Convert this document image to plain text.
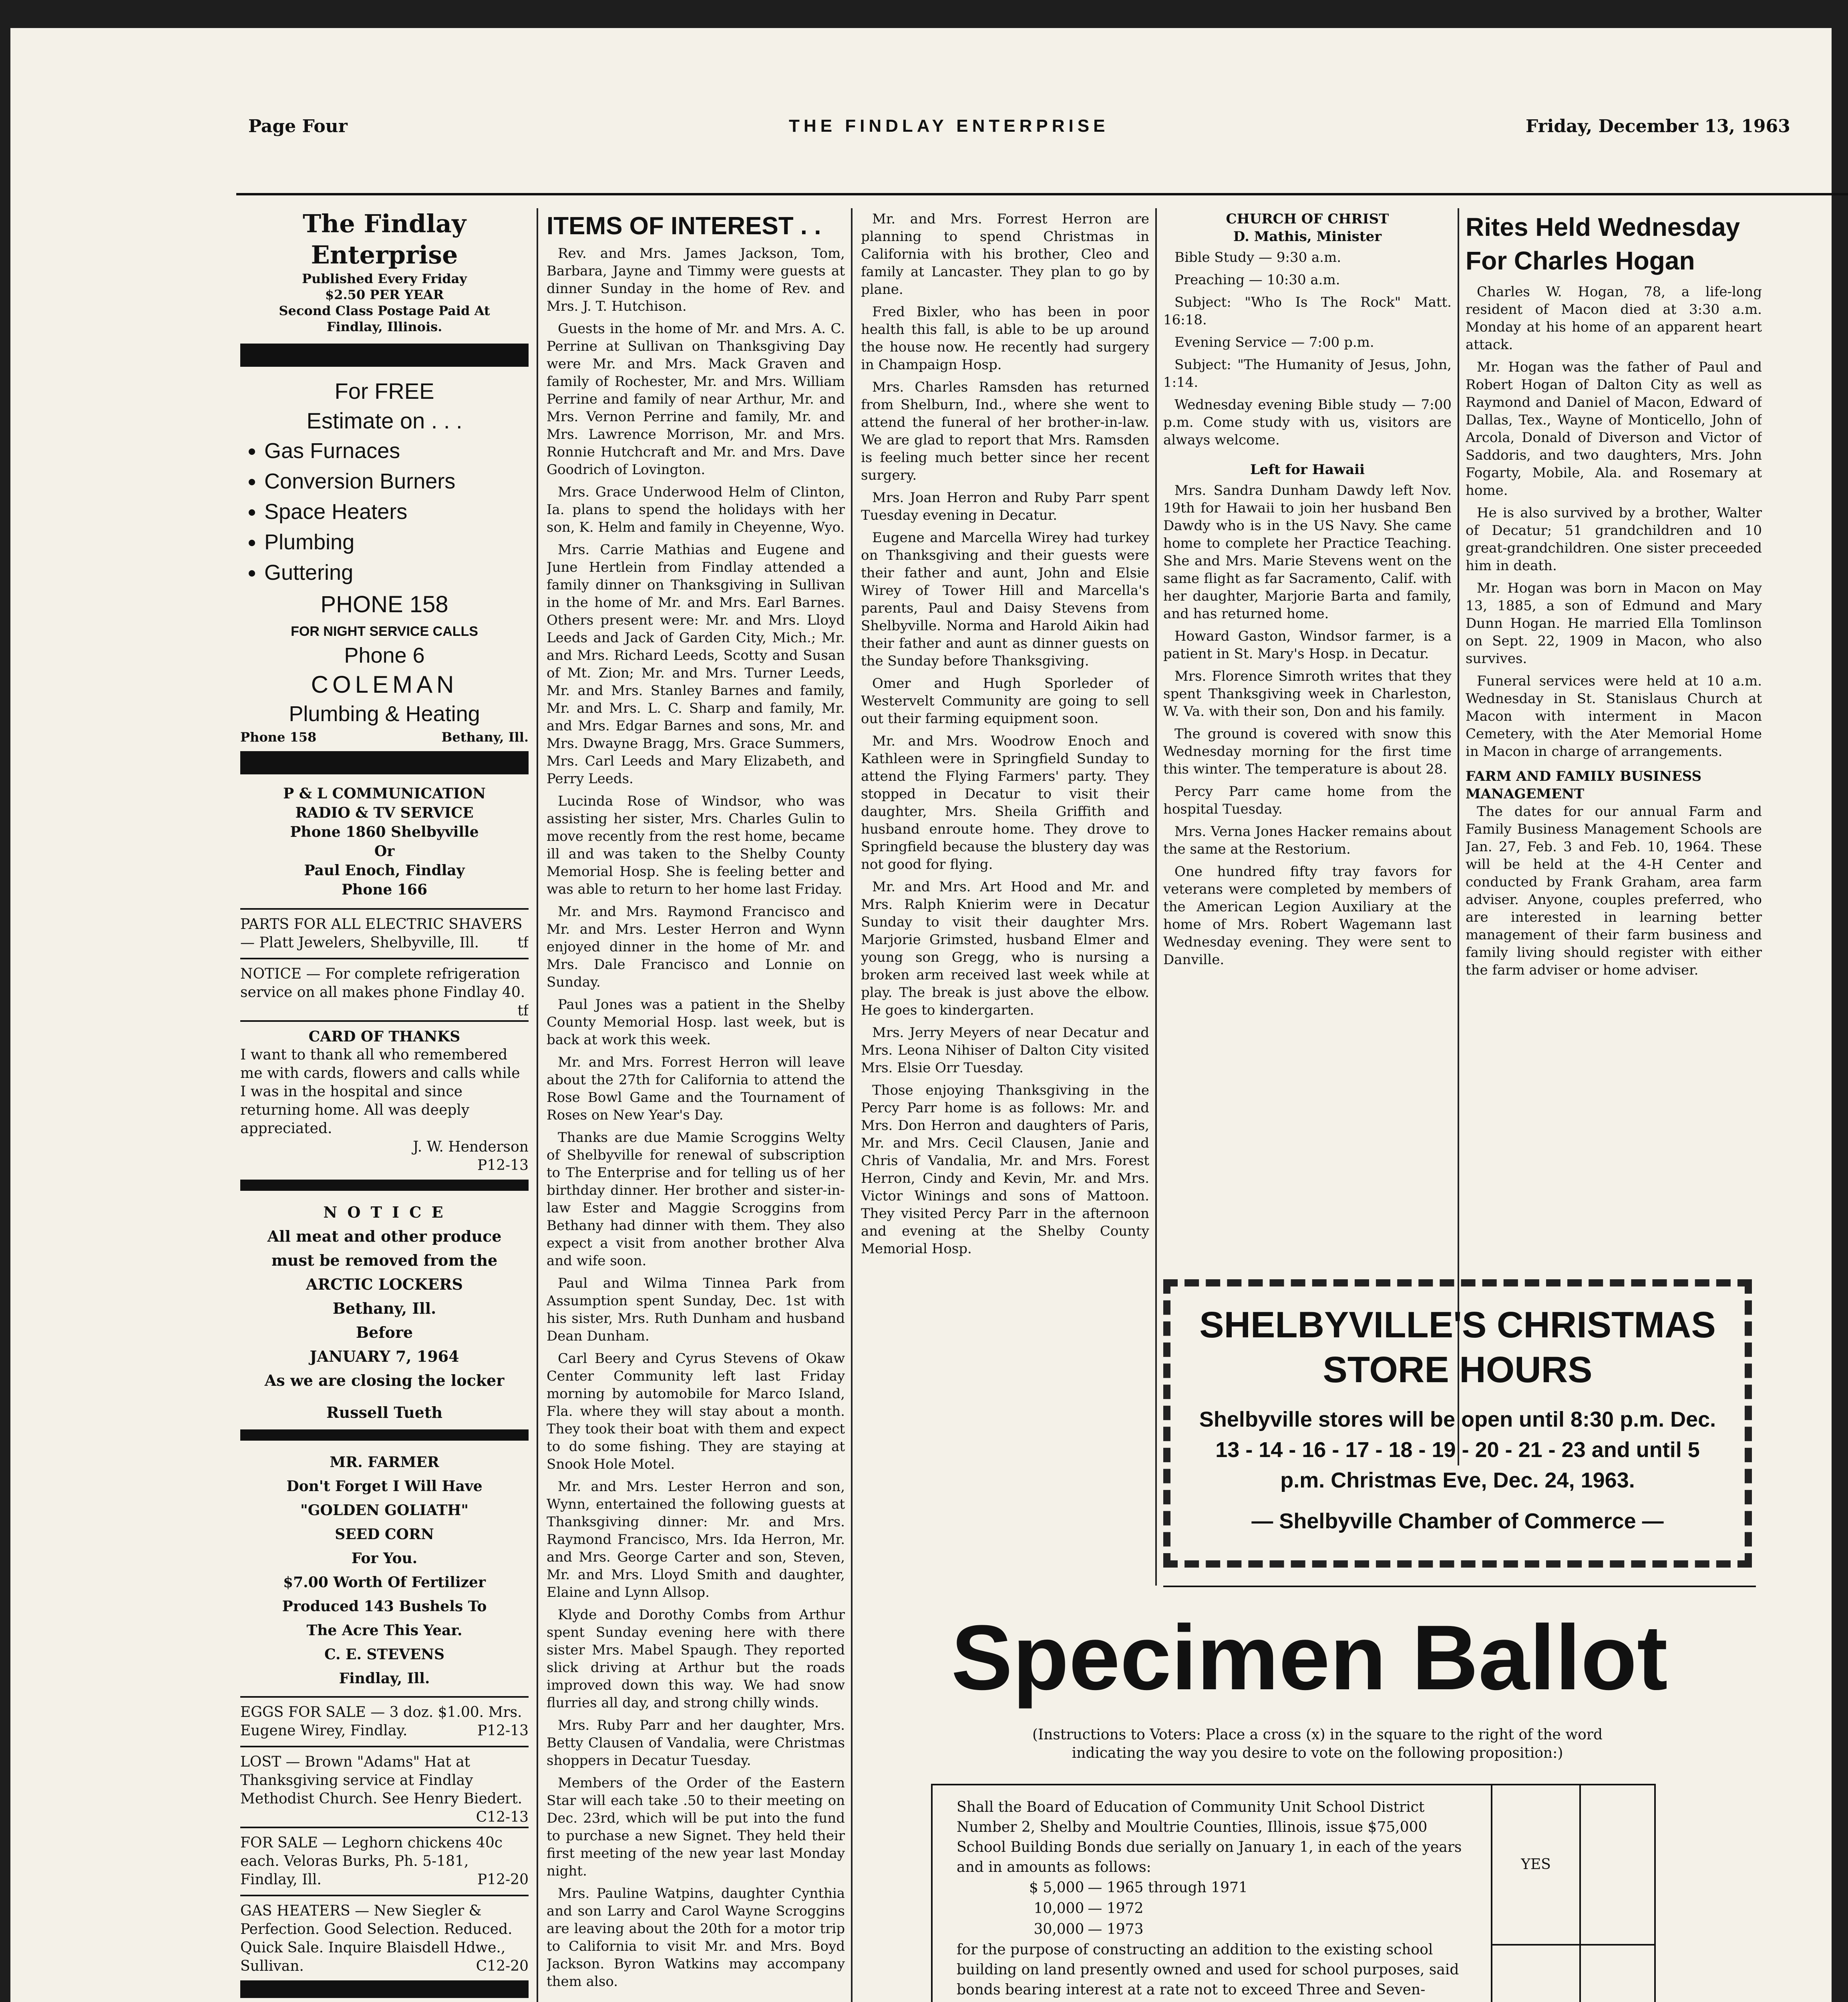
Page Four	THE FINDLAY ENTERPRISE	Friday, December 13, 1963
The Findlay Enterprise
Published Every Friday
$2.50 PER YEAR
Second Class Postage Paid At
Findlay, Illinois.
For FREE
Estimate on . . .
• Gas Furnaces
• Conversion Burners
• Space Heaters
• Plumbing
• Guttering
PHONE 158
FOR NIGHT SERVICE CALLS
Phone 6
COLEMAN
Plumbing & Heating
Phone 158	Bethany, Ill.
P & L COMMUNICATION
RADIO & TV SERVICE
Phone 1860 Shelbyville
Or
Paul Enoch, Findlay
Phone 166
PARTS FOR ALL ELECTRIC SHAVERS — Platt Jewelers, Shelbyville, Ill.	tf
NOTICE — For complete refrigeration service on all makes phone Findlay 40.
tf
CARD OF THANKS
I want to thank all who remembered me with cards, flowers and calls while I was in the hospital and since returning home. All was deeply appreciated.
J. W. Henderson
P12-13
N O T I C E
All meat and other produce
must be removed from the
ARCTIC LOCKERS
Bethany, Ill.
Before
JANUARY 7, 1964
As we are closing the locker
Russell Tueth
MR. FARMER
Don't Forget I Will Have
"GOLDEN GOLIATH"
SEED CORN
For You.
$7.00 Worth Of Fertilizer
Produced 143 Bushels To
The Acre This Year.
C. E. STEVENS
Findlay, Ill.
EGGS FOR SALE — 3 doz. $1.00. Mrs. Eugene Wirey, Findlay.	P12-13
LOST — Brown "Adams" Hat at Thanksgiving service at Findlay Methodist Church. See Henry Biedert.
C12-13
FOR SALE — Leghorn chickens 40c each. Veloras Burks, Ph. 5-181, Findlay, Ill.	P12-20
GAS HEATERS — New Siegler & Perfection. Good Selection. Reduced. Quick Sale. Inquire Blaisdell Hdwe., Sullivan.	C12-20
ITEMS OF INTEREST . .

Rev. and Mrs. James Jackson, Tom, Barbara, Jayne and Timmy were guests at dinner Sunday in the home of Rev. and Mrs. J. T. Hutchison.

Guests in the home of Mr. and Mrs. A. C. Perrine at Sullivan on Thanksgiving Day were Mr. and Mrs. Mack Graven and family of Rochester, Mr. and Mrs. William Perrine and family of near Arthur, Mr. and Mrs. Vernon Perrine and family, Mr. and Mrs. Lawrence Morrison, Mr. and Mrs. Ronnie Hutchcraft and Mr. and Mrs. Dave Goodrich of Lovington.

Mrs. Grace Underwood Helm of Clinton, Ia. plans to spend the holidays with her son, K. Helm and family in Cheyenne, Wyo.

Mrs. Carrie Mathias and Eugene and June Hertlein from Findlay attended a family dinner on Thanksgiving in Sullivan in the home of Mr. and Mrs. Earl Barnes. Others present were: Mr. and Mrs. Lloyd Leeds and Jack of Garden City, Mich.; Mr. and Mrs. Richard Leeds, Scotty and Susan of Mt. Zion; Mr. and Mrs. Turner Leeds, Mr. and Mrs. Stanley Barnes and family, Mr. and Mrs. L. C. Sharp and family, Mr. and Mrs. Edgar Barnes and sons, Mr. and Mrs. Dwayne Bragg, Mrs. Grace Summers, Mrs. Carl Leeds and Mary Elizabeth, and Perry Leeds.

Lucinda Rose of Windsor, who was assisting her sister, Mrs. Charles Gulin to move recently from the rest home, became ill and was taken to the Shelby County Memorial Hosp. She is feeling better and was able to return to her home last Friday.

Mr. and Mrs. Raymond Francisco and Mr. and Mrs. Lester Herron and Wynn enjoyed dinner in the home of Mr. and Mrs. Dale Francisco and Lonnie on Sunday.

Paul Jones was a patient in the Shelby County Memorial Hosp. last week, but is back at work this week.

Mr. and Mrs. Forrest Herron will leave about the 27th for California to attend the Rose Bowl Game and the Tournament of Roses on New Year's Day.

Thanks are due Mamie Scroggins Welty of Shelbyville for renewal of subscription to The Enterprise and for telling us of her birthday dinner. Her brother and sister-in-law Ester and Maggie Scroggins from Bethany had dinner with them. They also expect a visit from another brother Alva and wife soon.

Paul and Wilma Tinnea Park from Assumption spent Sunday, Dec. 1st with his sister, Mrs. Ruth Dunham and husband Dean Dunham.

Carl Beery and Cyrus Stevens of Okaw Center Community left last Friday morning by automobile for Marco Island, Fla. where they will stay about a month. They took their boat with them and expect to do some fishing. They are staying at Snook Hole Motel.

Mr. and Mrs. Lester Herron and son, Wynn, entertained the following guests at Thanksgiving dinner: Mr. and Mrs. Raymond Francisco, Mrs. Ida Herron, Mr. and Mrs. George Carter and son, Steven, Mr. and Mrs. Lloyd Smith and daughter, Elaine and Lynn Allsop.

Klyde and Dorothy Combs from Arthur spent Sunday evening here with there sister Mrs. Mabel Spaugh. They reported slick driving at Arthur but the roads improved down this way. We had snow flurries all day, and strong chilly winds.

Mrs. Ruby Parr and her daughter, Mrs. Betty Clausen of Vandalia, were Christmas shoppers in Decatur Tuesday.

Members of the Order of the Eastern Star will each take .50 to their meeting on Dec. 23rd, which will be put into the fund to purchase a new Signet. They held their first meeting of the new year last Monday night.

Mrs. Pauline Watpins, daughter Cynthia and son Larry and Carol Wayne Scroggins are leaving about the 20th for a motor trip to California to visit Mr. and Mrs. Boyd Jackson. Byron Watkins may accompany them also.

Mr. and Mrs. Forrest Herron are planning to spend Christmas in California with his brother, Cleo and family at Lancaster. They plan to go by plane.

Fred Bixler, who has been in poor health this fall, is able to be up around the house now. He recently had surgery in Champaign Hosp.

Mrs. Charles Ramsden has returned from Shelburn, Ind., where she went to attend the funeral of her brother-in-law. We are glad to report that Mrs. Ramsden is feeling much better since her recent surgery.

Mrs. Joan Herron and Ruby Parr spent Tuesday evening in Decatur.

Eugene and Marcella Wirey had turkey on Thanksgiving and their guests were their father and aunt, John and Elsie Wirey of Tower Hill and Marcella's parents, Paul and Daisy Stevens from Shelbyville. Norma and Harold Aikin had their father and aunt as dinner guests on the Sunday before Thanksgiving.

Omer and Hugh Sporleder of Westervelt Community are going to sell out their farming equipment soon.

Mr. and Mrs. Woodrow Enoch and Kathleen were in Springfield Sunday to attend the Flying Farmers' party. They stopped in Decatur to visit their daughter, Mrs. Sheila Griffith and husband enroute home. They drove to Springfield because the blustery day was not good for flying.

Mr. and Mrs. Art Hood and Mr. and Mrs. Ralph Knierim were in Decatur Sunday to visit their daughter Mrs. Marjorie Grimsted, husband Elmer and young son Gregg, who is nursing a broken arm received last week while at play. The break is just above the elbow. He goes to kindergarten.

Mrs. Jerry Meyers of near Decatur and Mrs. Leona Nihiser of Dalton City visited Mrs. Elsie Orr Tuesday.

Those enjoying Thanksgiving in the Percy Parr home is as follows: Mr. and Mrs. Don Herron and daughters of Paris, Mr. and Mrs. Cecil Clausen, Janie and Chris of Vandalia, Mr. and Mrs. Forest Herron, Cindy and Kevin, Mr. and Mrs. Victor Winings and sons of Mattoon. They visited Percy Parr in the afternoon and evening at the Shelby County Memorial Hosp.

CHURCH OF CHRIST
D. Mathis, Minister

Bible Study — 9:30 a.m.

Preaching — 10:30 a.m.

Subject: "Who Is The Rock" Matt. 16:18.

Evening Service — 7:00 p.m.

Subject: "The Humanity of Jesus, John, 1:14.

Wednesday evening Bible study — 7:00 p.m. Come study with us, visitors are always welcome.

Left for Hawaii

Mrs. Sandra Dunham Dawdy left Nov. 19th for Hawaii to join her husband Ben Dawdy who is in the US Navy. She came home to complete her Practice Teaching. She and Mrs. Marie Stevens went on the same flight as far Sacramento, Calif. with her daughter, Marjorie Barta and family, and has returned home.

Howard Gaston, Windsor farmer, is a patient in St. Mary's Hosp. in Decatur.

Mrs. Florence Simroth writes that they spent Thanksgiving week in Charleston, W. Va. with their son, Don and his family.

The ground is covered with snow this Wednesday morning for the first time this winter. The temperature is about 28.

Percy Parr came home from the hospital Tuesday.

Mrs. Verna Jones Hacker remains about the same at the Restorium.

One hundred fifty tray favors for veterans were completed by members of the American Legion Auxiliary at the home of Mrs. Robert Wagemann last Wednesday evening. They were sent to Danville.

Rites Held Wednesday For Charles Hogan

Charles W. Hogan, 78, a life-long resident of Macon died at 3:30 a.m. Monday at his home of an apparent heart attack.

Mr. Hogan was the father of Paul and Robert Hogan of Dalton City as well as Raymond and Daniel of Macon, Edward of Dallas, Tex., Wayne of Monticello, John of Arcola, Donald of Diverson and Victor of Saddoris, and two daughters, Mrs. John Fogarty, Mobile, Ala. and Rosemary at home.

He is also survived by a brother, Walter of Decatur; 51 grandchildren and 10 great-grandchildren. One sister preceeded him in death.

Mr. Hogan was born in Macon on May 13, 1885, a son of Edmund and Mary Dunn Hogan. He married Ella Tomlinson on Sept. 22, 1909 in Macon, who also survives.

Funeral services were held at 10 a.m. Wednesday in St. Stanislaus Church at Macon with interment in Macon Cemetery, with the Ater Memorial Home in Macon in charge of arrangements.

FARM AND FAMILY BUSINESS MANAGEMENT

The dates for our annual Farm and Family Business Management Schools are Jan. 27, Feb. 3 and Feb. 10, 1964. These will be held at the 4-H Center and conducted by Frank Graham, area farm adviser. Anyone, couples preferred, who are interested in learning better management of their farm business and family living should register with either the farm adviser or home adviser.

SHELBYVILLE'S CHRISTMAS
STORE HOURS
Shelbyville stores will be open until 8:30 p.m. Dec. 13 - 14 - 16 - 17 - 18 - 19 - 20 - 21 - 23 and until 5 p.m. Christmas Eve, Dec. 24, 1963.
— Shelbyville Chamber of Commerce —
Specimen Ballot
(Instructions to Voters: Place a cross (x) in the square to the right of the word indicating the way you desire to vote on the following proposition:)
Shall the Board of Education of Community Unit School District Number 2, Shelby and Moultrie Counties, Illinois, issue $75,000 School Building Bonds due serially on January 1, in each of the years and in amounts as follows:
$ 5,000	— 1965 through 1971
10,000	— 1972
30,000	— 1973
for the purpose of constructing an addition to the existing school building on land presently owned and used for school purposes, said bonds bearing interest at a rate not to exceed Three and Seven-
	YES	
